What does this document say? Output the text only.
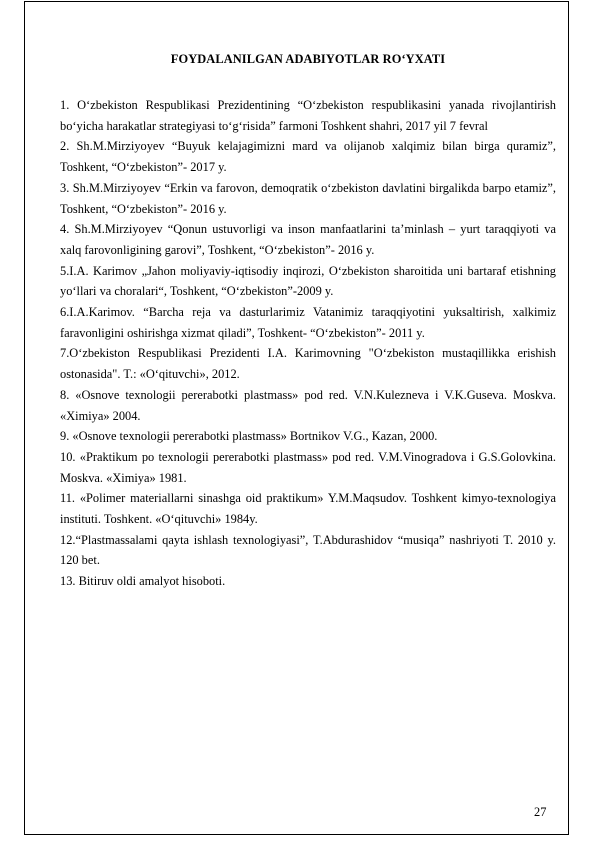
FOYDALANILGAN ADABIYOTLAR RO‘YXATI
1. O‘zbekiston Respublikasi Prezidentining “O‘zbekiston respublikasini yanada rivojlantirish bo‘yicha harakatlar strategiyasi to‘g‘risida” farmoni Toshkent shahri, 2017 yil 7 fevral
2. Sh.M.Mirziyoyev “Buyuk kelajagimizni mard va olijanob xalqimiz bilan birga quramiz”, Toshkent, “O‘zbekiston”- 2017 y.
3. Sh.M.Mirziyoyev “Erkin va farovon, demoqratik o‘zbekiston davlatini birgalikda barpo etamiz”, Toshkent, “O‘zbekiston”- 2016 y.
4. Sh.M.Mirziyoyev “Qonun ustuvorligi va inson manfaatlarini ta’minlash – yurt taraqqiyoti va xalq farovonligining garovi”, Toshkent, “O‘zbekiston”- 2016 y.
5.I.A. Karimov „Jahon moliyaviy-iqtisodiy inqirozi, O‘zbekiston sharoitida uni bartaraf etishning yo‘llari va choralari“, Toshkent, “O‘zbekiston”-2009 y.
6.I.A.Karimov. “Barcha reja va dasturlarimiz Vatanimiz taraqqiyotini yuksaltirish, xalkimiz faravonligini oshirishga xizmat qiladi”, Toshkent- “O‘zbekiston”- 2011 y.
7.O‘zbekiston Respublikasi Prezidenti I.A. Karimovning "O‘zbekiston mustaqillikka erishish ostonasida". T.: «O‘qituvchi», 2012.
8. «Osnove texnologii pererabotki plastmass» pod red. V.N.Kulezneva i V.K.Guseva. Moskva. «Ximiya» 2004.
9. «Osnove texnologii pererabotki plastmass» Bortnikov V.G., Kazan, 2000.
10. «Praktikum po texnologii pererabotki plastmass» pod red. V.M.Vinogradova i G.S.Golovkina. Moskva. «Ximiya» 1981.
11. «Polimer materiallarni sinashga oid praktikum» Y.M.Maqsudov. Toshkent kimyo-texnologiya instituti. Toshkent. «O‘qituvchi» 1984y.
12.“Plastmassalami qayta ishlash texnologiyasi”, T.Abdurashidov “musiqa” nashriyoti T. 2010 y. 120 bet.
13. Bitiruv oldi amalyot hisoboti.
27
